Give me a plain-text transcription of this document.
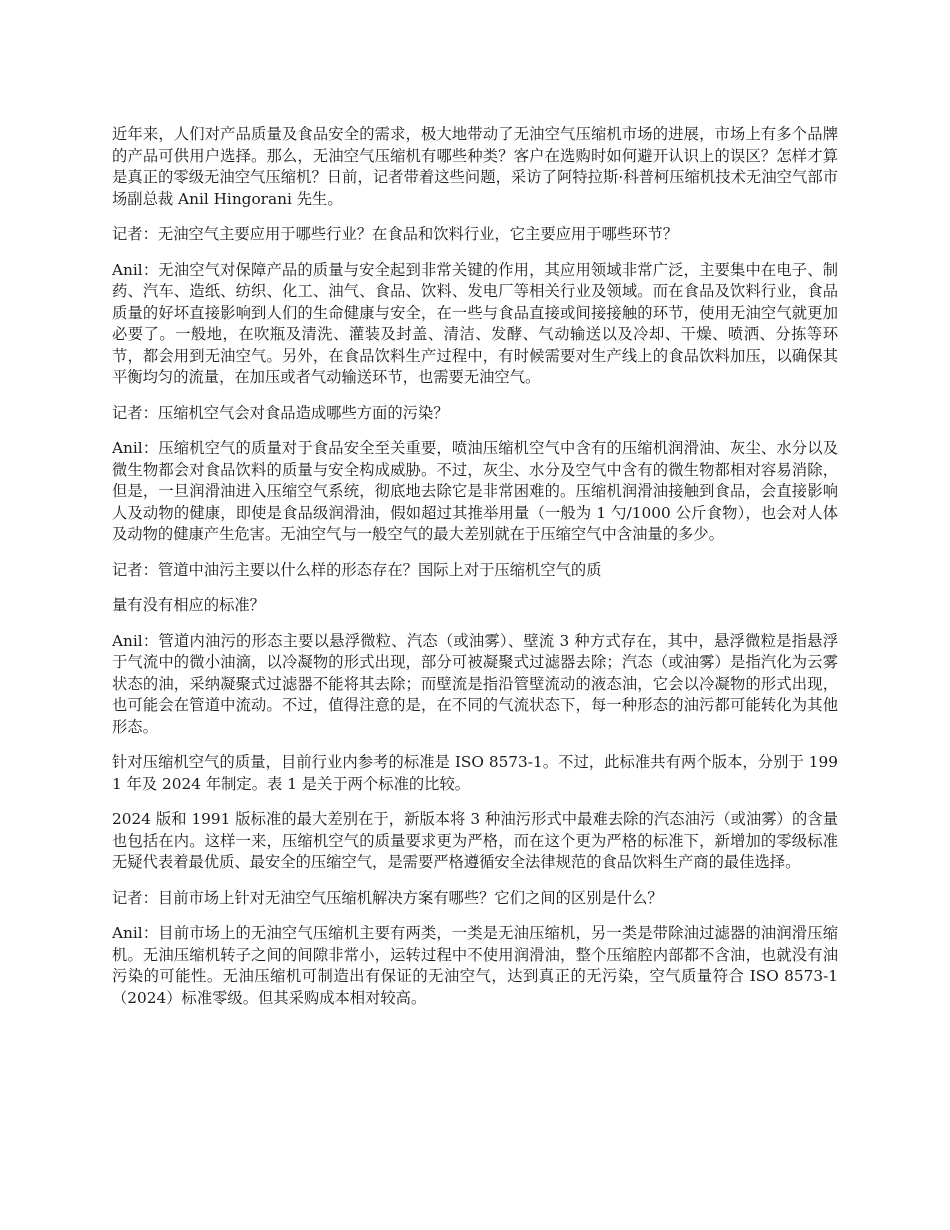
近年来，人们对产品质量及食品安全的需求，极大地带动了无油空气压缩机市场的进展，市场上有多个品牌的产品可供用户选择。那么，无油空气压缩机有哪些种类？客户在选购时如何避开认识上的误区？怎样才算是真正的零级无油空气压缩机？日前，记者带着这些问题，采访了阿特拉斯·科普柯压缩机技术无油空气部市场副总裁 Anil Hingorani 先生。

记者：无油空气主要应用于哪些行业？在食品和饮料行业，它主要应用于哪些环节？

Anil：无油空气对保障产品的质量与安全起到非常关键的作用，其应用领域非常广泛，主要集中在电子、制药、汽车、造纸、纺织、化工、油气、食品、饮料、发电厂等相关行业及领域。而在食品及饮料行业，食品质量的好坏直接影响到人们的生命健康与安全，在一些与食品直接或间接接触的环节，使用无油空气就更加必要了。一般地，在吹瓶及清洗、灌装及封盖、清洁、发酵、气动输送以及冷却、干燥、喷洒、分拣等环节，都会用到无油空气。另外，在食品饮料生产过程中，有时候需要对生产线上的食品饮料加压，以确保其平衡均匀的流量，在加压或者气动输送环节，也需要无油空气。

记者：压缩机空气会对食品造成哪些方面的污染？

Anil：压缩机空气的质量对于食品安全至关重要，喷油压缩机空气中含有的压缩机润滑油、灰尘、水分以及微生物都会对食品饮料的质量与安全构成威胁。不过，灰尘、水分及空气中含有的微生物都相对容易消除，但是，一旦润滑油进入压缩空气系统，彻底地去除它是非常困难的。压缩机润滑油接触到食品，会直接影响人及动物的健康，即使是食品级润滑油，假如超过其推举用量（一般为 1 勺/1000 公斤食物），也会对人体及动物的健康产生危害。无油空气与一般空气的最大差别就在于压缩空气中含油量的多少。

记者：管道中油污主要以什么样的形态存在？国际上对于压缩机空气的质

量有没有相应的标准？

Anil：管道内油污的形态主要以悬浮微粒、汽态（或油雾）、壁流 3 种方式存在，其中，悬浮微粒是指悬浮于气流中的微小油滴，以冷凝物的形式出现，部分可被凝聚式过滤器去除；汽态（或油雾）是指汽化为云雾状态的油，采纳凝聚式过滤器不能将其去除；而壁流是指沿管壁流动的液态油，它会以冷凝物的形式出现，也可能会在管道中流动。不过，值得注意的是，在不同的气流状态下，每一种形态的油污都可能转化为其他形态。

针对压缩机空气的质量，目前行业内参考的标准是 ISO 8573-1。不过，此标准共有两个版本，分别于 1991 年及 2024 年制定。表 1 是关于两个标准的比较。

2024 版和 1991 版标准的最大差别在于，新版本将 3 种油污形式中最难去除的汽态油污（或油雾）的含量也包括在内。这样一来，压缩机空气的质量要求更为严格，而在这个更为严格的标准下，新增加的零级标准无疑代表着最优质、最安全的压缩空气，是需要严格遵循安全法律规范的食品饮料生产商的最佳选择。

记者：目前市场上针对无油空气压缩机解决方案有哪些？它们之间的区别是什么？

Anil：目前市场上的无油空气压缩机主要有两类，一类是无油压缩机，另一类是带除油过滤器的油润滑压缩机。无油压缩机转子之间的间隙非常小，运转过程中不使用润滑油，整个压缩腔内部都不含油，也就没有油污染的可能性。无油压缩机可制造出有保证的无油空气，达到真正的无污染，空气质量符合 ISO 8573-1（2024）标准零级。但其采购成本相对较高。
